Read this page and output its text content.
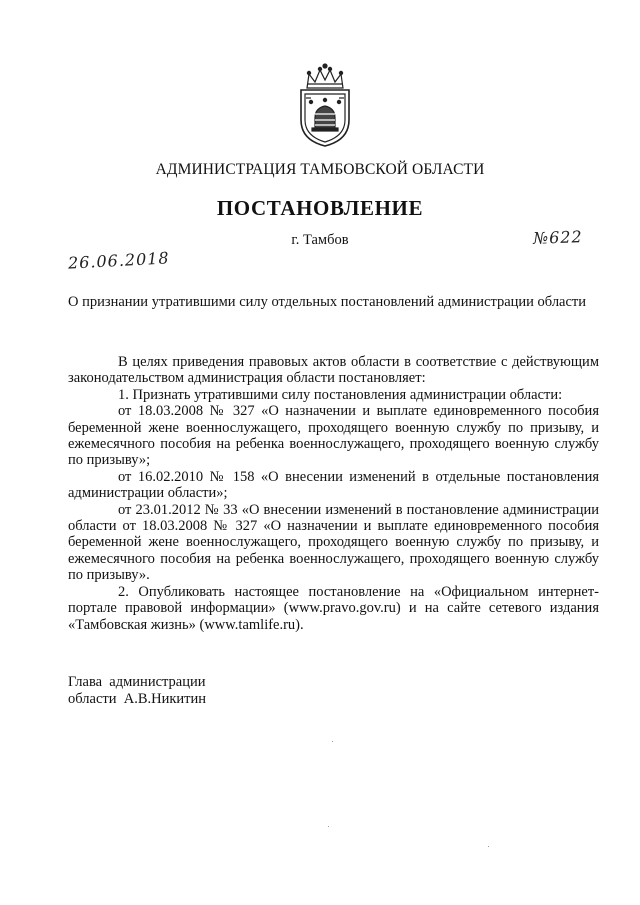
АДМИНИСТРАЦИЯ ТАМБОВСКОЙ ОБЛАСТИ
ПОСТАНОВЛЕНИЕ
г. Тамбов
26.06.2018
№622
О признании утратившими силу отдельных постановлений администрации области

В целях приведения правовых актов области в соответствие с действующим законодательством администрация области постановляет:

1. Признать утратившими силу постановления администрации области:

от 18.03.2008 № 327 «О назначении и выплате единовременного пособия беременной жене военнослужащего, проходящего военную службу по призыву, и ежемесячного пособия на ребенка военнослужащего, проходящего военную службу по призыву»;

от 16.02.2010 № 158 «О внесении изменений в отдельные постановления администрации области»;

от 23.01.2012 № 33 «О внесении изменений в постановление администрации области от 18.03.2008 № 327 «О назначении и выплате единовременного пособия беременной жене военнослужащего, проходящего военную службу по призыву, и ежемесячного пособия на ребенка военнослужащего, проходящего военную службу по призыву».

2. Опубликовать настоящее постановление на «Официальном интернет-портале правовой информации» (www.pravo.gov.ru) и на сайте сетевого издания «Тамбовская жизнь» (www.tamlife.ru).

Глава  администрации
области  А.В.Никитин
